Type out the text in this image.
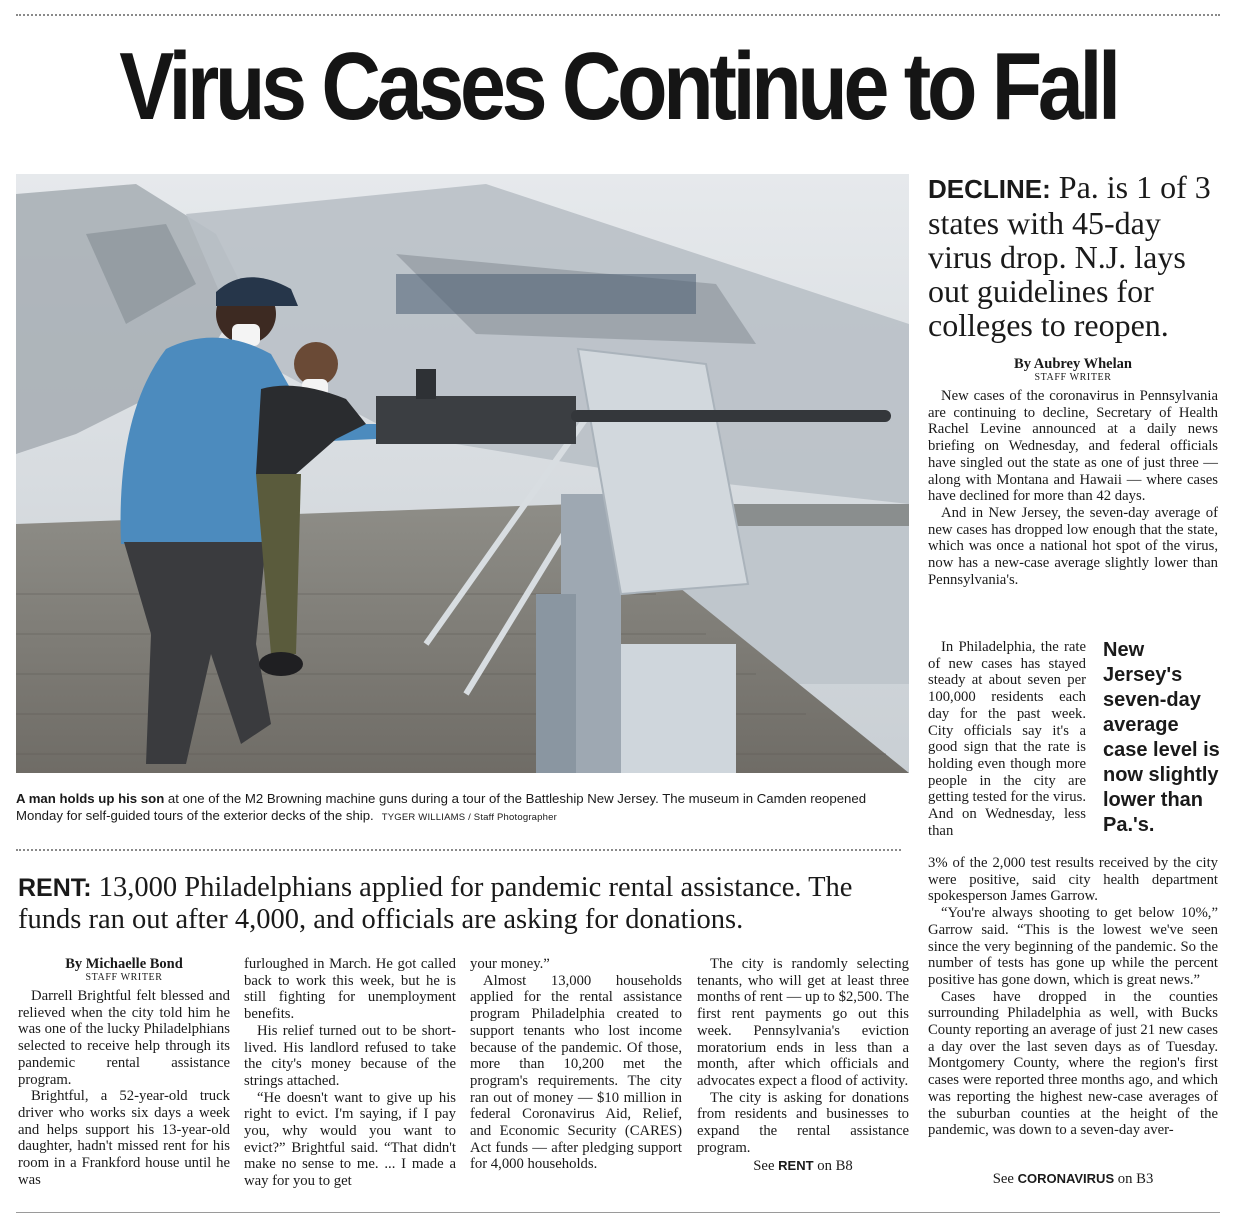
Virus Cases Continue to Fall
A man holds up his son at one of the M2 Browning machine guns during a tour of the Battleship New Jersey. The museum in Camden reopened Monday for self-guided tours of the exterior decks of the ship. TYGER WILLIAMS / Staff Photographer
DECLINE: Pa. is 1 of 3 states with 45-day virus drop. N.J. lays out guidelines for colleges to reopen.
By Aubrey Whelan
STAFF WRITER

New cases of the coronavirus in Pennsylvania are continuing to decline, Secretary of Health Rachel Levine announced at a daily news briefing on Wednesday, and federal officials have singled out the state as one of just three — along with Montana and Hawaii — where cases have declined for more than 42 days.

And in New Jersey, the seven-day average of new cases has dropped low enough that the state, which was once a national hot spot of the virus, now has a new-case average slightly lower than Pennsylvania's.

In Philadelphia, the rate of new cases has stayed steady at about seven per 100,000 residents each day for the past week. City officials say it's a good sign that the rate is holding even though more people in the city are getting tested for the virus. And on Wednesday, less than

New Jersey's seven-day average case level is now slightly lower than Pa.'s.

3% of the 2,000 test results received by the city were positive, said city health department spokesperson James Garrow.

“You're always shooting to get below 10%,” Garrow said. “This is the lowest we've seen since the very beginning of the pandemic. So the number of tests has gone up while the percent positive has gone down, which is great news.”

Cases have dropped in the counties surrounding Philadelphia as well, with Bucks County reporting an average of just 21 new cases a day over the last seven days as of Tuesday. Montgomery County, where the region's first cases were reported three months ago, and which was reporting the highest new-case averages of the suburban counties at the height of the pandemic, was down to a seven-day aver-

See CORONAVIRUS on B3
RENT: 13,000 Philadelphians applied for pandemic rental assistance. The funds ran out after 4,000, and officials are asking for donations.
By Michaelle Bond
STAFF WRITER

Darrell Brightful felt blessed and relieved when the city told him he was one of the lucky Philadelphians selected to receive help through its pandemic rental assistance program.

Brightful, a 52-year-old truck driver who works six days a week and helps support his 13-year-old daughter, hadn't missed rent for his room in a Frankford house until he was

furloughed in March. He got called back to work this week, but he is still fighting for unemployment benefits.

His relief turned out to be short-lived. His landlord refused to take the city's money because of the strings attached.

“He doesn't want to give up his right to evict. I'm saying, if I pay you, why would you want to evict?” Brightful said. “That didn't make no sense to me. ... I made a way for you to get

your money.”

Almost 13,000 households applied for the rental assistance program Philadelphia created to support tenants who lost income because of the pandemic. Of those, more than 10,200 met the program's requirements. The city ran out of money — $10 million in federal Coronavirus Aid, Relief, and Economic Security (CARES) Act funds — after pledging support for 4,000 households.

The city is randomly selecting tenants, who will get at least three months of rent — up to $2,500. The first rent payments go out this week. Pennsylvania's eviction moratorium ends in less than a month, after which officials and advocates expect a flood of activity.

The city is asking for donations from residents and businesses to expand the rental assistance program.

See RENT on B8
